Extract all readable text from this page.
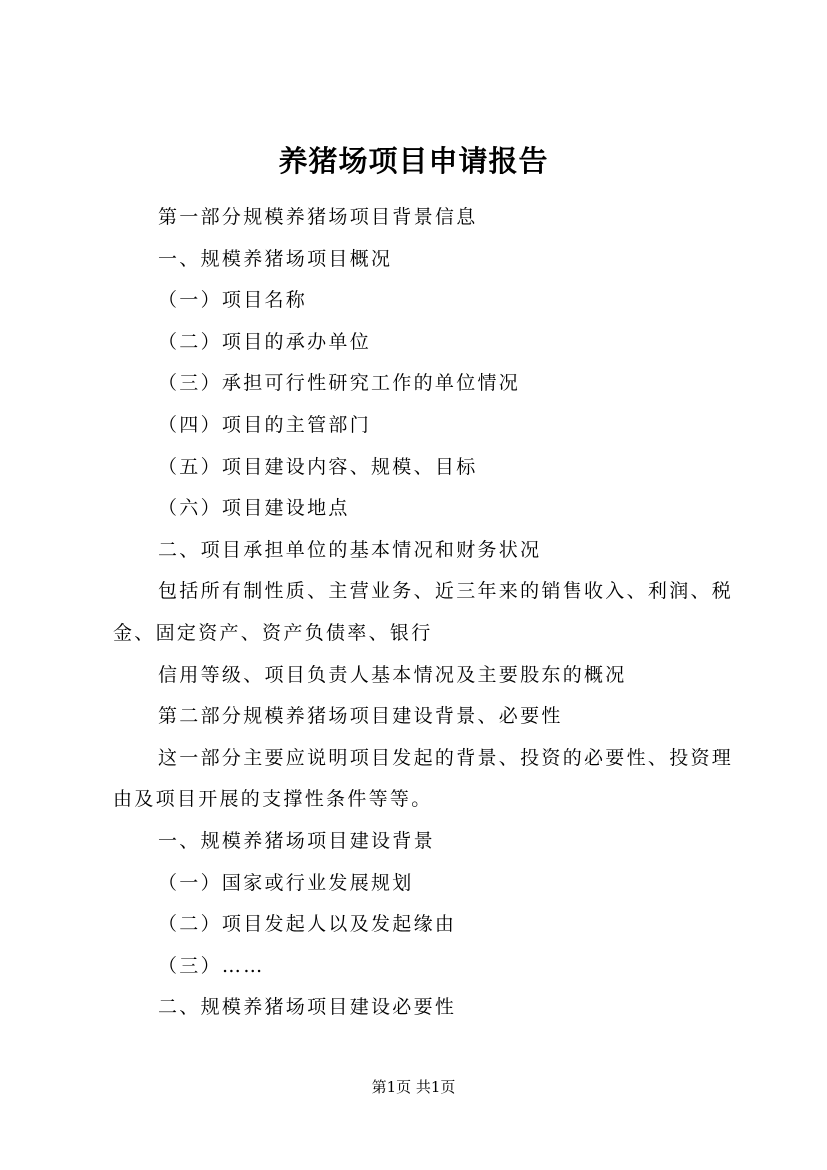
养猪场项目申请报告

第一部分规模养猪场项目背景信息

一、规模养猪场项目概况

（一）项目名称

（二）项目的承办单位

（三）承担可行性研究工作的单位情况

（四）项目的主管部门

（五）项目建设内容、规模、目标

（六）项目建设地点

二、项目承担单位的基本情况和财务状况

包括所有制性质、主营业务、近三年来的销售收入、利润、税金、固定资产、资产负债率、银行

信用等级、项目负责人基本情况及主要股东的概况

第二部分规模养猪场项目建设背景、必要性

这一部分主要应说明项目发起的背景、投资的必要性、投资理由及项目开展的支撑性条件等等。

一、规模养猪场项目建设背景

（一）国家或行业发展规划

（二）项目发起人以及发起缘由

（三）……

二、规模养猪场项目建设必要性

第1页 共1页
